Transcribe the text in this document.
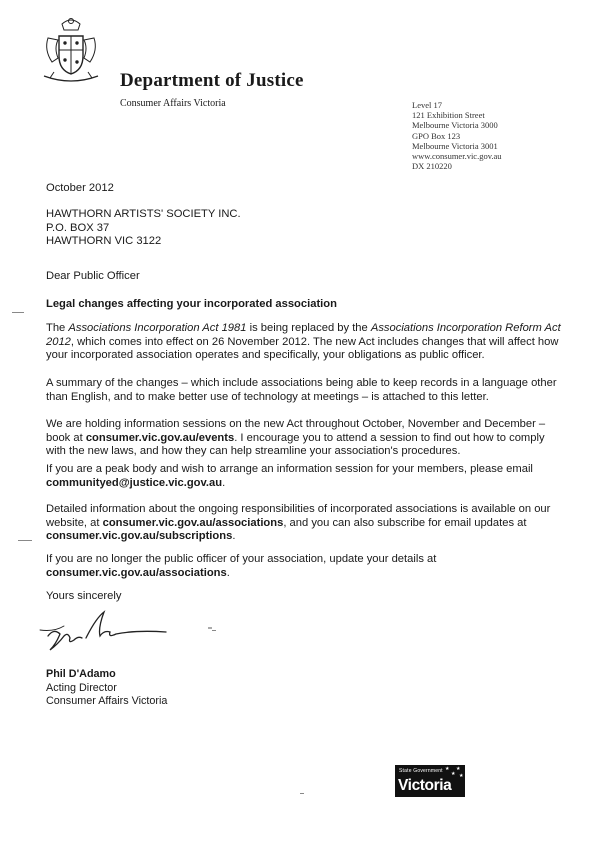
Department of Justice
Consumer Affairs Victoria	Level 17
121 Exhibition Street
Melbourne Victoria 3000
GPO Box 123
Melbourne Victoria 3001
www.consumer.vic.gov.au
DX 210220
October 2012
HAWTHORN ARTISTS' SOCIETY INC.
P.O. BOX 37
HAWTHORN VIC 3122
Dear Public Officer
Legal changes affecting your incorporated association
The Associations Incorporation Act 1981 is being replaced by the Associations Incorporation Reform Act 2012, which comes into effect on 26 November 2012. The new Act includes changes that will affect how your incorporated association operates and specifically, your obligations as public officer.
A summary of the changes – which include associations being able to keep records in a language other than English, and to make better use of technology at meetings – is attached to this letter.
We are holding information sessions on the new Act throughout October, November and December – book at consumer.vic.gov.au/events. I encourage you to attend a session to find out how to comply with the new laws, and how they can help streamline your association's procedures.
If you are a peak body and wish to arrange an information session for your members, please email communityed@justice.vic.gov.au.
Detailed information about the ongoing responsibilities of incorporated associations is available on our website, at consumer.vic.gov.au/associations, and you can also subscribe for email updates at consumer.vic.gov.au/subscriptions.
If you are no longer the public officer of your association, update your details at consumer.vic.gov.au/associations.
Yours sincerely
Phil D'Adamo
Acting Director
Consumer Affairs Victoria
State Government
Victoria
★
★
★
★
